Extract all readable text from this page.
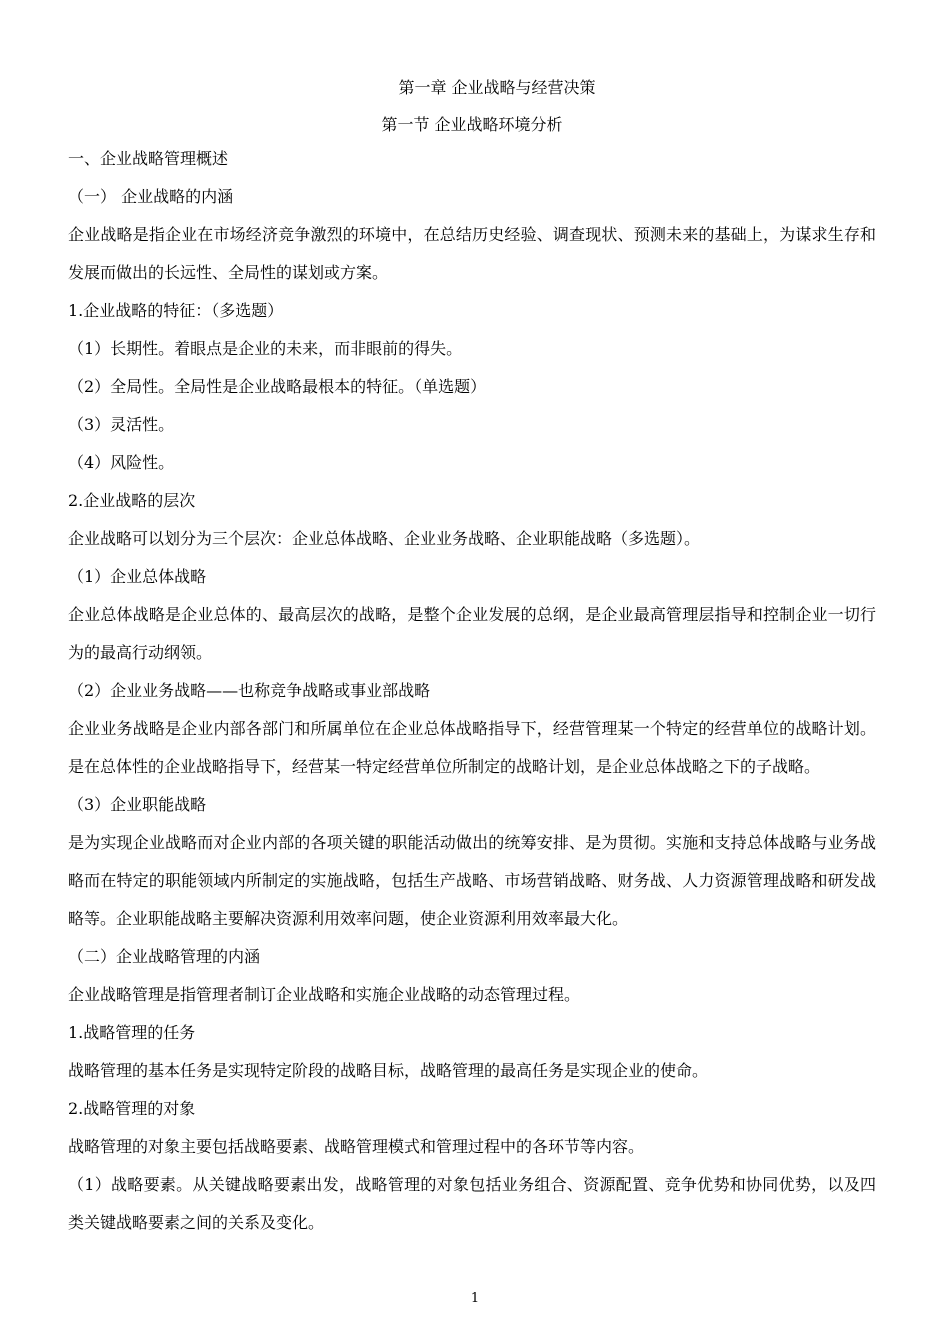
第一章 企业战略与经营决策
第一节 企业战略环境分析

一、企业战略管理概述

（一） 企业战略的内涵

企业战略是指企业在市场经济竞争激烈的环境中，在总结历史经验、调查现状、预测未来的基础上，为谋求生存和发展而做出的长远性、全局性的谋划或方案。

1.企业战略的特征：（多选题）

（1）长期性。着眼点是企业的未来，而非眼前的得失。

（2）全局性。全局性是企业战略最根本的特征。（单选题）

（3）灵活性。

（4）风险性。

2.企业战略的层次

企业战略可以划分为三个层次：企业总体战略、企业业务战略、企业职能战略（多选题）。

（1）企业总体战略

企业总体战略是企业总体的、最高层次的战略，是整个企业发展的总纲，是企业最高管理层指导和控制企业一切行为的最高行动纲领。

（2）企业业务战略——也称竞争战略或事业部战略

企业业务战略是企业内部各部门和所属单位在企业总体战略指导下，经营管理某一个特定的经营单位的战略计划。是在总体性的企业战略指导下，经营某一特定经营单位所制定的战略计划，是企业总体战略之下的子战略。

（3）企业职能战略

是为实现企业战略而对企业内部的各项关键的职能活动做出的统筹安排、是为贯彻。实施和支持总体战略与业务战略而在特定的职能领域内所制定的实施战略，包括生产战略、市场营销战略、财务战、人力资源管理战略和研发战略等。企业职能战略主要解决资源利用效率问题，使企业资源利用效率最大化。

（二）企业战略管理的内涵

企业战略管理是指管理者制订企业战略和实施企业战略的动态管理过程。

1.战略管理的任务

战略管理的基本任务是实现特定阶段的战略目标，战略管理的最高任务是实现企业的使命。

2.战略管理的对象

战略管理的对象主要包括战略要素、战略管理模式和管理过程中的各环节等内容。

（1）战略要素。从关键战略要素出发，战略管理的对象包括业务组合、资源配置、竞争优势和协同优势，以及四类关键战略要素之间的关系及变化。

1
